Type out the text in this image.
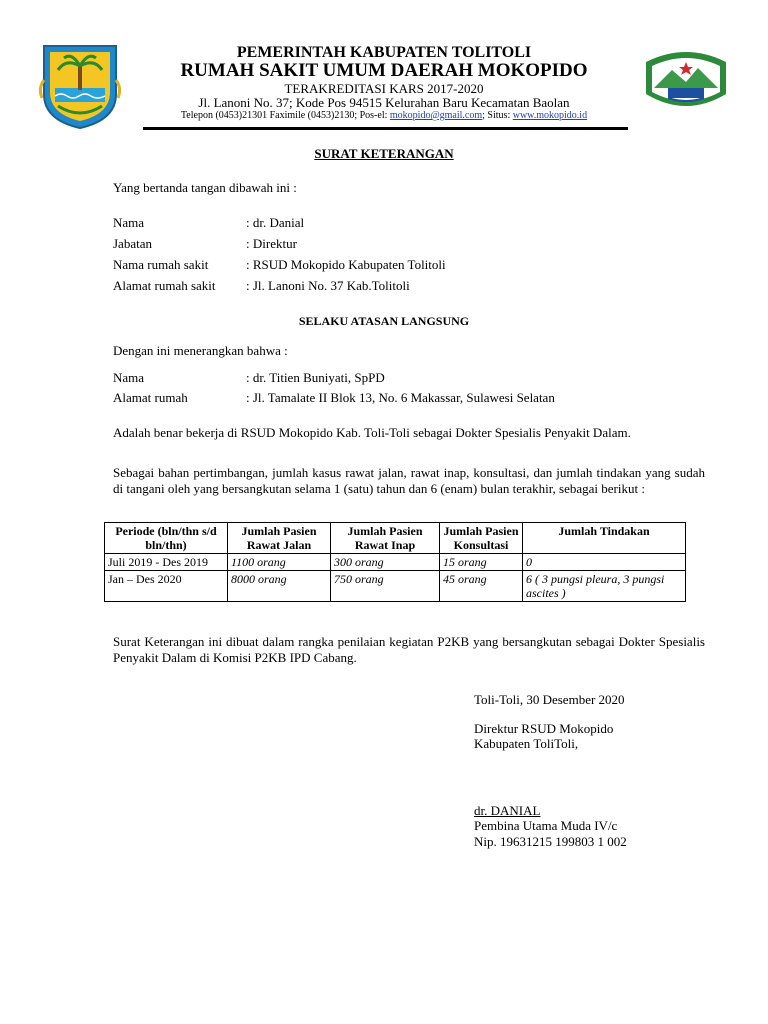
PEMERINTAH KABUPATEN TOLITOLI
RUMAH SAKIT UMUM DAERAH MOKOPIDO
TERAKREDITASI KARS 2017-2020
Jl. Lanoni No. 37; Kode Pos 94515 Kelurahan Baru Kecamatan Baolan
Telepon (0453)21301 Faximile (0453)2130; Pos-el: mokopido@gmail.com; Situs: www.mokopido.id
SURAT KETERANGAN
Yang bertanda tangan dibawah ini :
Nama	: dr. Danial
Jabatan	: Direktur
Nama rumah sakit	: RSUD Mokopido Kabupaten Tolitoli
Alamat rumah sakit : Jl. Lanoni No. 37 Kab.Tolitoli
SELAKU ATASAN LANGSUNG
Dengan ini menerangkan bahwa :
Nama	: dr. Titien Buniyati, SpPD
Alamat rumah	: Jl. Tamalate II Blok 13, No. 6 Makassar, Sulawesi Selatan
Adalah benar bekerja di RSUD Mokopido Kab. Toli-Toli sebagai Dokter Spesialis Penyakit Dalam.
Sebagai bahan pertimbangan, jumlah kasus rawat jalan, rawat inap, konsultasi, dan jumlah tindakan yang sudah di tangani oleh yang bersangkutan selama 1 (satu) tahun dan 6 (enam) bulan terakhir, sebagai berikut :
Periode (bln/thn s/d bln/thn)	Jumlah Pasien Rawat Jalan	Jumlah Pasien Rawat Inap	Jumlah Pasien Konsultasi	Jumlah Tindakan
Juli 2019 - Des 2019	1100 orang	300 orang	15 orang	0
Jan – Des 2020	8000 orang	750 orang	45 orang	6 ( 3 pungsi pleura, 3 pungsi ascites )
Surat Keterangan ini dibuat dalam rangka penilaian kegiatan P2KB yang bersangkutan sebagai Dokter Spesialis Penyakit Dalam di Komisi P2KB IPD Cabang.
Toli-Toli, 30 Desember 2020
Direktur RSUD Mokopido
Kabupaten ToliToli,
dr. DANIAL
Pembina Utama Muda IV/c
Nip. 19631215 199803 1 002
